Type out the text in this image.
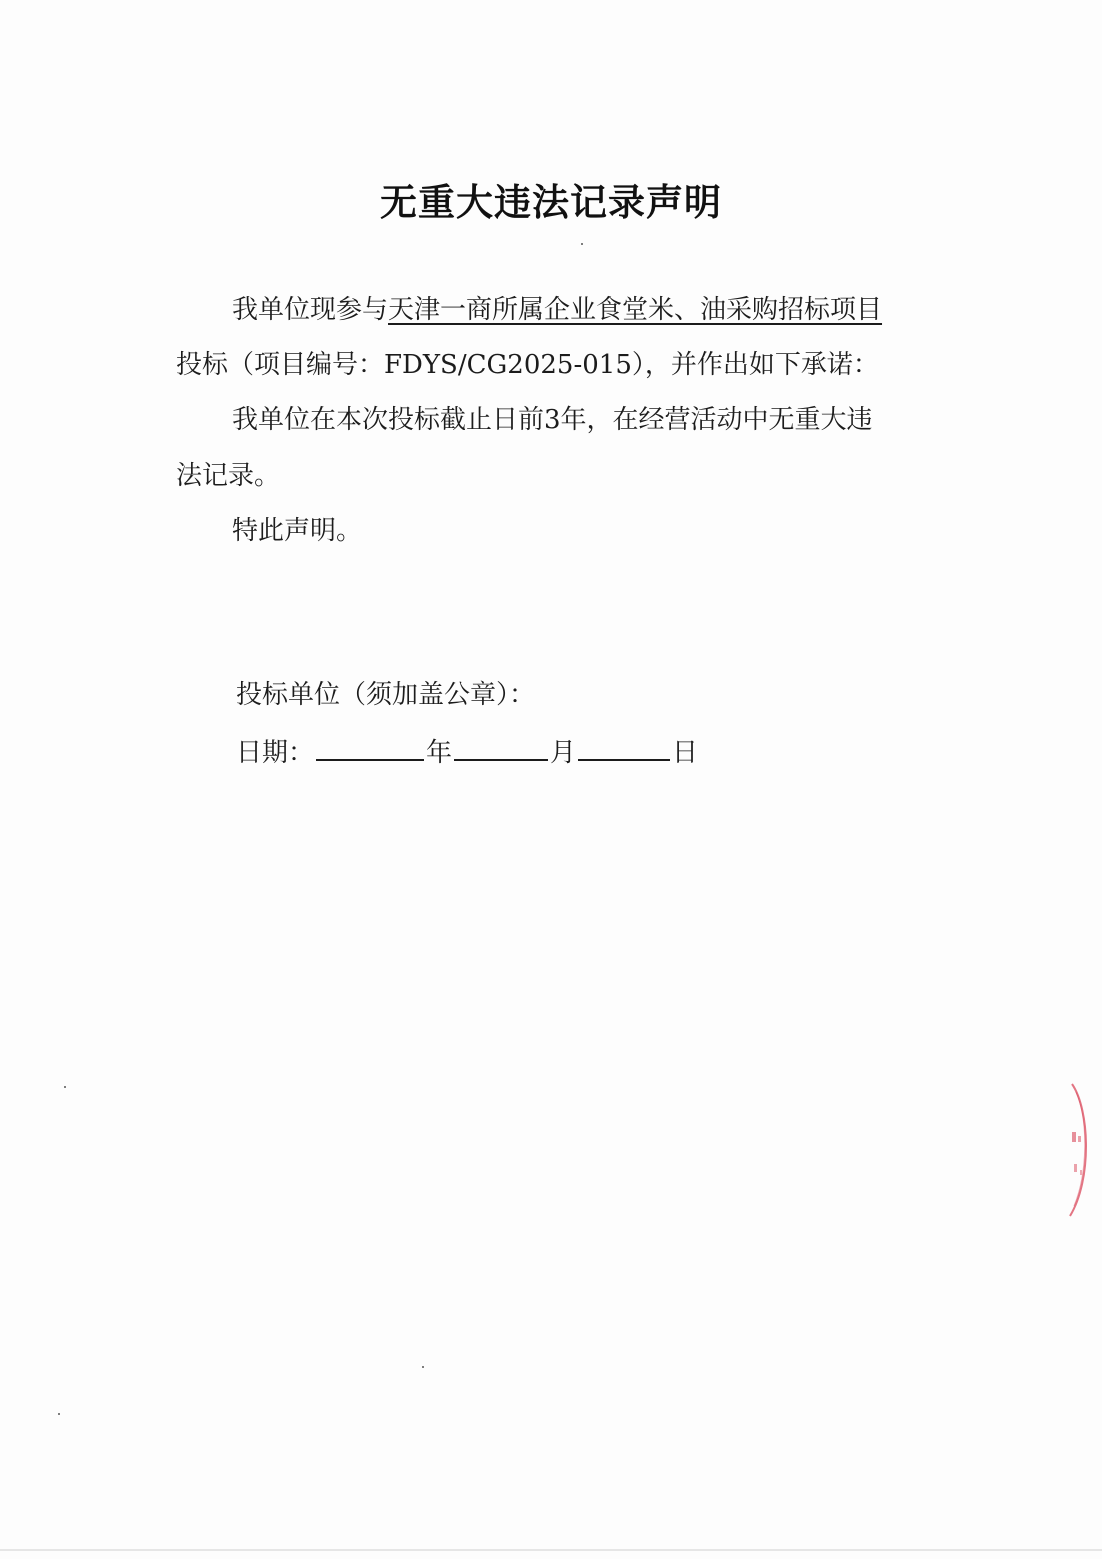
无重大违法记录声明
我单位现参与天津一商所属企业食堂米、油采购招标项目
投标（项目编号：FDYS/CG2025-015），并作出如下承诺：
我单位在本次投标截止日前3年，在经营活动中无重大违
法记录。
特此声明。
投标单位（须加盖公章）：
日期：	年	月	日
